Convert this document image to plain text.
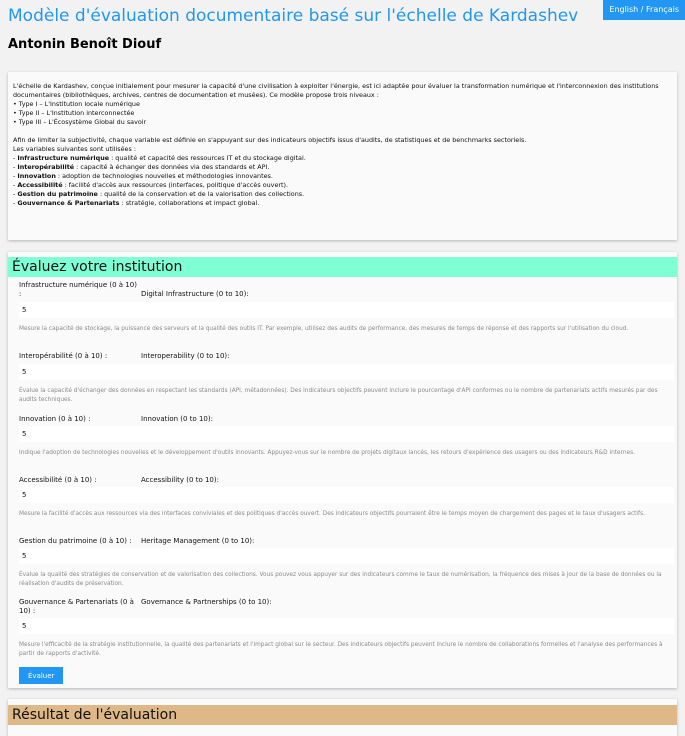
English / Français
Modèle d'évaluation documentaire basé sur l'échelle de Kardashev
Antonin Benoît Diouf

L'échelle de Kardashev, conçue initialement pour mesurer la capacité d'une civilisation à exploiter l'énergie, est ici adaptée pour évaluer la transformation numérique et l'interconnexion des institutions documentaires (bibliothèques, archives, centres de documentation et musées). Ce modèle propose trois niveaux :

• Type I – L'Institution locale numérique

• Type II – L'Institution interconnectée

• Type III – L'Écosystème Global du savoir

Afin de limiter la subjectivité, chaque variable est définie en s'appuyant sur des indicateurs objectifs issus d'audits, de statistiques et de benchmarks sectoriels.

Les variables suivantes sont utilisées :

- Infrastructure numérique : qualité et capacité des ressources IT et du stockage digital.

- Interopérabilité : capacité à échanger des données via des standards et API.

- Innovation : adoption de technologies nouvelles et méthodologies innovantes.

- Accessibilité : facilité d'accès aux ressources (interfaces, politique d'accès ouvert).

- Gestion du patrimoine : qualité de la conservation et de la valorisation des collections.

- Gouvernance & Partenariats : stratégie, collaborations et impact global.

Évaluez votre institution
Infrastructure numérique (0 à 10) :	Digital Infrastructure (0 to 10):
5
Mesure la capacité de stockage, la puissance des serveurs et la qualité des outils IT. Par exemple, utilisez des audits de performance, des mesures de temps de réponse et des rapports sur l'utilisation du cloud.
Interopérabilité (0 à 10) :	Interoperability (0 to 10):
5
Évalue la capacité d'échanger des données en respectant les standards (API, métadonnées). Des indicateurs objectifs peuvent inclure le pourcentage d'API conformes ou le nombre de partenariats actifs mesurés par des audits techniques.
Innovation (0 à 10) :	Innovation (0 to 10):
5
Indique l'adoption de technologies nouvelles et le développement d'outils innovants. Appuyez-vous sur le nombre de projets digitaux lancés, les retours d'expérience des usagers ou des indicateurs R&D internes.
Accessibilité (0 à 10) :	Accessibility (0 to 10):
5
Mesure la facilité d'accès aux ressources via des interfaces conviviales et des politiques d'accès ouvert. Des indicateurs objectifs pourraient être le temps moyen de chargement des pages et le taux d'usagers actifs.
Gestion du patrimoine (0 à 10) :	Heritage Management (0 to 10):
5
Évalue la qualité des stratégies de conservation et de valorisation des collections. Vous pouvez vous appuyer sur des indicateurs comme le taux de numérisation, la fréquence des mises à jour de la base de données ou la réalisation d'audits de préservation.
Gouvernance & Partenariats (0 à 10) :
Governance & Partnerships (0 to 10):
5
Mesure l'efficacité de la stratégie institutionnelle, la qualité des partenariats et l'impact global sur le secteur. Des indicateurs objectifs peuvent inclure le nombre de collaborations formelles et l'analyse des performances à partir de rapports d'activité.
Évaluer
Résultat de l'évaluation
